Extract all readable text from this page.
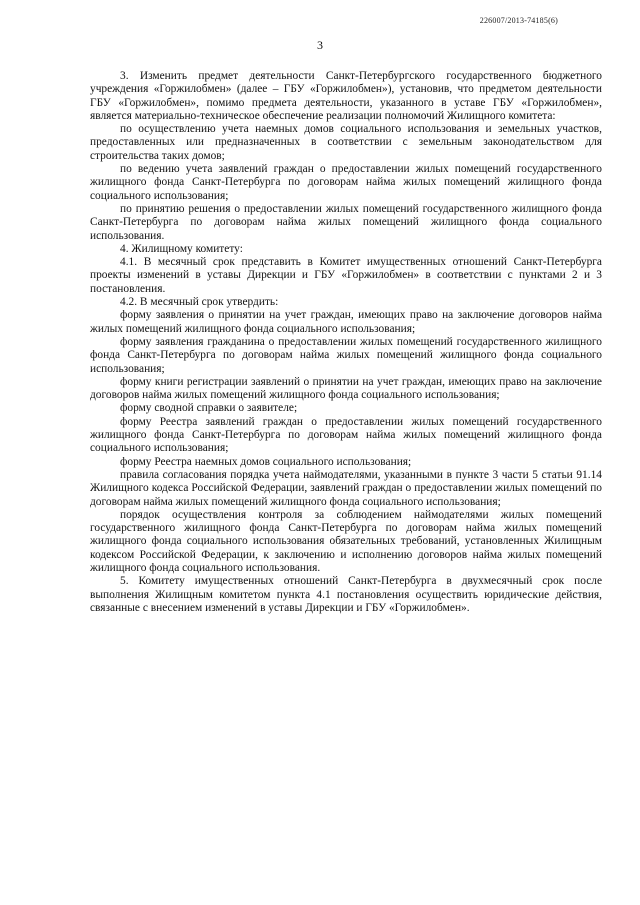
226007/2013-74185(6)
3

3. Изменить предмет деятельности Санкт-Петербургского государственного бюджетного учреждения «Горжилобмен» (далее – ГБУ «Горжилобмен»), установив, что предметом деятельности ГБУ «Горжилобмен», помимо предмета деятельности, указанного в уставе ГБУ «Горжилобмен», является материально-техническое обеспечение реализации полномочий Жилищного комитета:

по осуществлению учета наемных домов социального использования и земельных участков, предоставленных или предназначенных в соответствии с земельным законодательством для строительства таких домов;

по ведению учета заявлений граждан о предоставлении жилых помещений государственного жилищного фонда Санкт-Петербурга по договорам найма жилых помещений жилищного фонда социального использования;

по принятию решения о предоставлении жилых помещений государственного жилищного фонда Санкт-Петербурга по договорам найма жилых помещений жилищного фонда социального использования.

4. Жилищному комитету:

4.1. В месячный срок представить в Комитет имущественных отношений Санкт-Петербурга проекты изменений в уставы Дирекции и ГБУ «Горжилобмен» в соответствии с пунктами 2 и 3 постановления.

4.2. В месячный срок утвердить:

форму заявления о принятии на учет граждан, имеющих право на заключение договоров найма жилых помещений жилищного фонда социального использования;

форму заявления гражданина о предоставлении жилых помещений государственного жилищного фонда Санкт-Петербурга по договорам найма жилых помещений жилищного фонда социального использования;

форму книги регистрации заявлений о принятии на учет граждан, имеющих право на заключение договоров найма жилых помещений жилищного фонда социального использования;

форму сводной справки о заявителе;

форму Реестра заявлений граждан о предоставлении жилых помещений государственного жилищного фонда Санкт-Петербурга по договорам найма жилых помещений жилищного фонда социального использования;

форму Реестра наемных домов социального использования;

правила согласования порядка учета наймодателями, указанными в пункте 3 части 5 статьи 91.14 Жилищного кодекса Российской Федерации, заявлений граждан о предоставлении жилых помещений по договорам найма жилых помещений жилищного фонда социального использования;

порядок осуществления контроля за соблюдением наймодателями жилых помещений государственного жилищного фонда Санкт-Петербурга по договорам найма жилых помещений жилищного фонда социального использования обязательных требований, установленных Жилищным кодексом Российской Федерации, к заключению и исполнению договоров найма жилых помещений жилищного фонда социального использования.

5. Комитету имущественных отношений Санкт-Петербурга в двухмесячный срок после выполнения Жилищным комитетом пункта 4.1 постановления осуществить юридические действия, связанные с внесением изменений в уставы Дирекции и ГБУ «Горжилобмен».
